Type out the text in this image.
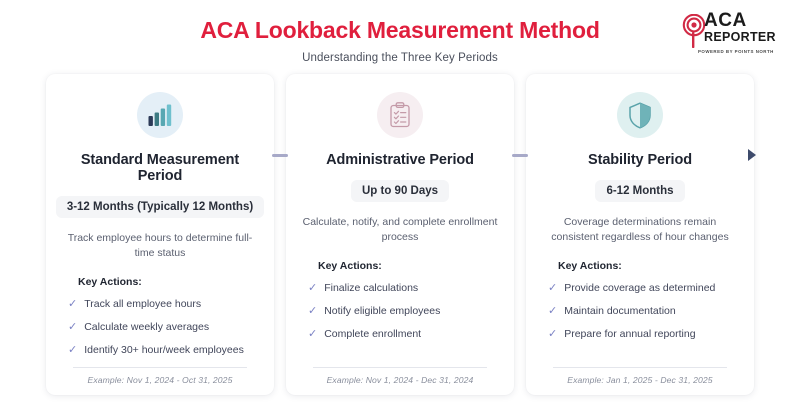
ACA Lookback Measurement Method
Understanding the Three Key Periods
ACA
REPORTER
POWERED BY POINTS NORTH
Standard Measurement Period
3-12 Months (Typically 12 Months)
Track employee hours to determine full-time status
Key Actions:
✓ Track all employee hours
✓ Calculate weekly averages
✓ Identify 30+ hour/week employees
Example: Nov 1, 2024 - Oct 31, 2025
Administrative Period
Up to 90 Days
Calculate, notify, and complete enrollment process
Key Actions:
✓ Finalize calculations
✓ Notify eligible employees
✓ Complete enrollment
Example: Nov 1, 2024 - Dec 31, 2024
Stability Period
6-12 Months
Coverage determinations remain consistent regardless of hour changes
Key Actions:
✓ Provide coverage as determined
✓ Maintain documentation
✓ Prepare for annual reporting
Example: Jan 1, 2025 - Dec 31, 2025
